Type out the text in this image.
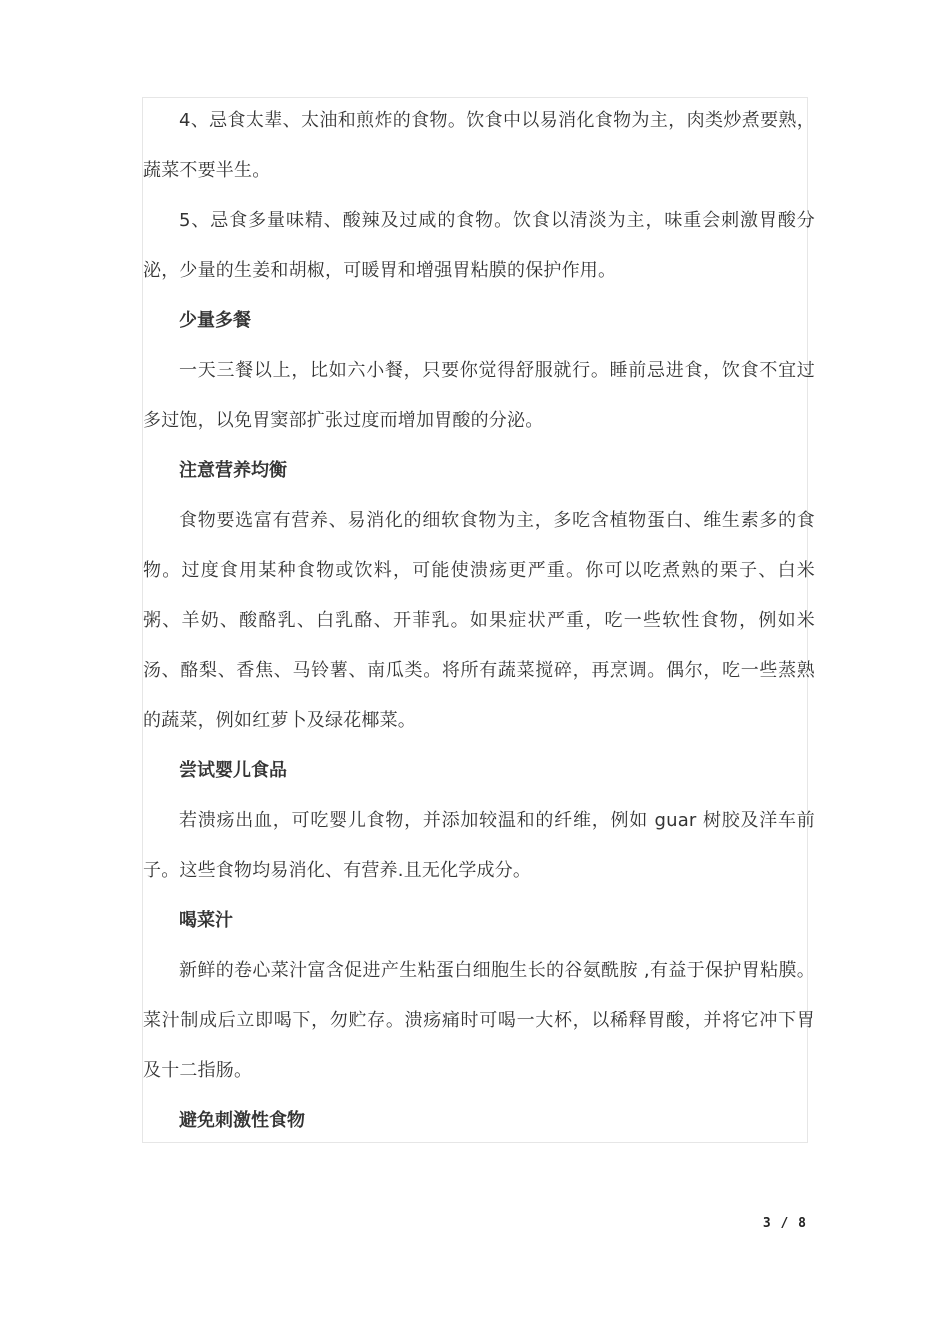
4、忌食太辈、太油和煎炸的食物。饮食中以易消化食物为主，肉类炒煮要熟，蔬菜不要半生。

5、忌食多量味精、酸辣及过咸的食物。饮食以清淡为主，味重会刺激胃酸分泌，少量的生姜和胡椒，可暖胃和增强胃粘膜的保护作用。

少量多餐

一天三餐以上，比如六小餐，只要你觉得舒服就行。睡前忌进食，饮食不宜过多过饱，以免胃窦部扩张过度而增加胃酸的分泌。

注意营养均衡

食物要选富有营养、易消化的细软食物为主，多吃含植物蛋白、维生素多的食物。过度食用某种食物或饮料，可能使溃疡更严重。你可以吃煮熟的栗子、白米粥、羊奶、酸酪乳、白乳酪、开菲乳。如果症状严重，吃一些软性食物，例如米汤、酪梨、香焦、马铃薯、南瓜类。将所有蔬菜搅碎，再烹调。偶尔，吃一些蒸熟的蔬菜，例如红萝卜及绿花椰菜。

尝试婴儿食品

若溃疡出血，可吃婴儿食物，并添加较温和的纤维，例如 guar 树胶及洋车前子。这些食物均易消化、有营养.且无化学成分。

喝菜汁

新鲜的卷心菜汁富含促进产生粘蛋白细胞生长的谷氨酰胺 ,有益于保护胃粘膜。菜汁制成后立即喝下，勿贮存。溃疡痛时可喝一大杯，以稀释胃酸，并将它冲下胃及十二指肠。

避免刺激性食物

3 / 8
